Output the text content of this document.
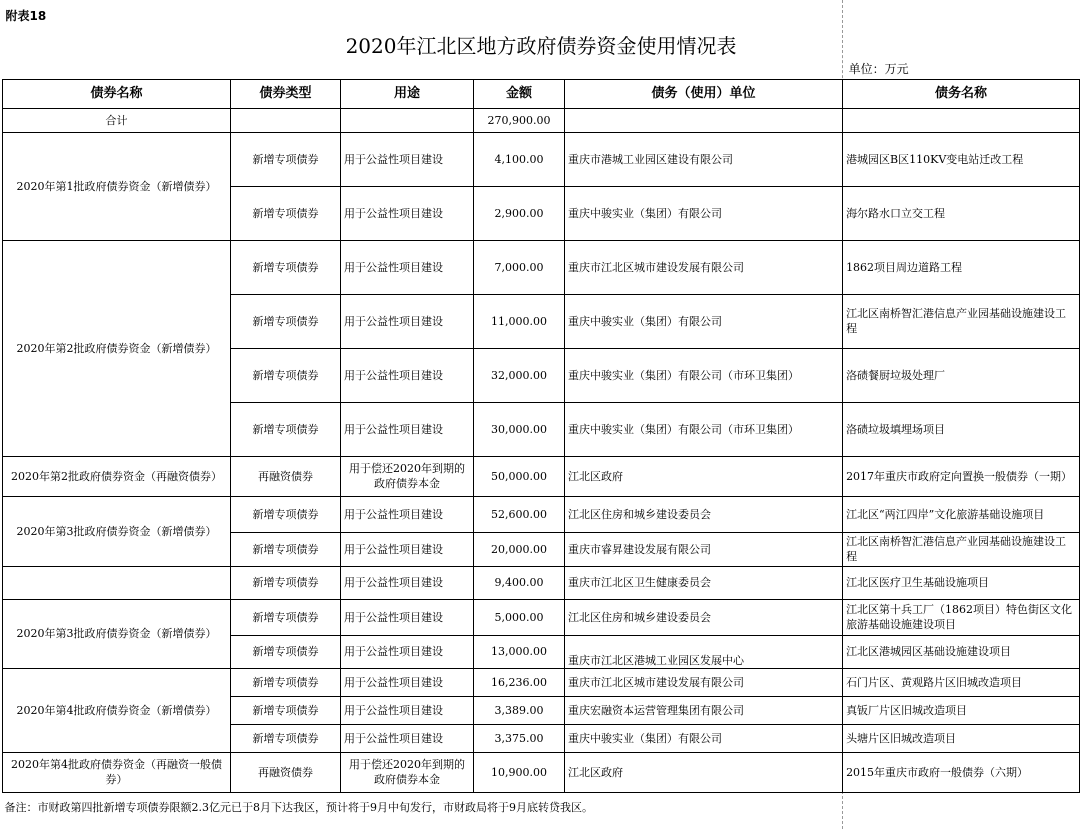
附表18					
2020年江北区地方政府债券资金使用情况表					
					单位：万元
债券名称	债券类型	用途	金额	债务（使用）单位	债务名称
合计			270,900.00		
2020年第1批政府债券资金（新增债券）	新增专项债券	用于公益性项目建设	4,100.00	重庆市港城工业园区建设有限公司	港城园区B区110KV变电站迁改工程
	新增专项债券	用于公益性项目建设	2,900.00	重庆中骏实业（集团）有限公司	海尔路水口立交工程
2020年第2批政府债券资金（新增债券）	新增专项债券	用于公益性项目建设	7,000.00	重庆市江北区城市建设发展有限公司	1862项目周边道路工程
	新增专项债券	用于公益性项目建设	11,000.00	重庆中骏实业（集团）有限公司	江北区南桥智汇港信息产业园基础设施建设工程
	新增专项债券	用于公益性项目建设	32,000.00	重庆中骏实业（集团）有限公司（市环卫集团）	洛碛餐厨垃圾处理厂
	新增专项债券	用于公益性项目建设	30,000.00	重庆中骏实业（集团）有限公司（市环卫集团）	洛碛垃圾填埋场项目
2020年第2批政府债券资金（再融资债券）	再融资债券	用于偿还2020年到期的政府债券本金	50,000.00	江北区政府	2017年重庆市政府定向置换一般债券（一期）
2020年第3批政府债券资金（新增债券）	新增专项债券	用于公益性项目建设	52,600.00	江北区住房和城乡建设委员会	江北区“两江四岸”文化旅游基础设施项目
	新增专项债券	用于公益性项目建设	20,000.00	重庆市睿昇建设发展有限公司	江北区南桥智汇港信息产业园基础设施建设工程
	新增专项债券	用于公益性项目建设	9,400.00	重庆市江北区卫生健康委员会	江北区医疗卫生基础设施项目
2020年第3批政府债券资金（新增债券）	新增专项债券	用于公益性项目建设	5,000.00	江北区住房和城乡建设委员会	江北区第十兵工厂（1862项目）特色街区文化旅游基础设施建设项目
	新增专项债券	用于公益性项目建设	13,000.00	重庆市江北区港城工业园区发展中心	江北区港城园区基础设施建设项目
2020年第4批政府债券资金（新增债券）	新增专项债券	用于公益性项目建设	16,236.00	重庆市江北区城市建设发展有限公司	石门片区、黄观路片区旧城改造项目
	新增专项债券	用于公益性项目建设	3,389.00	重庆宏融资本运营管理集团有限公司	真钣厂片区旧城改造项目
	新增专项债券	用于公益性项目建设	3,375.00	重庆中骏实业（集团）有限公司	头塘片区旧城改造项目
2020年第4批政府债券资金（再融资一般债券）	再融资债券	用于偿还2020年到期的政府债券本金	10,900.00	江北区政府	2015年重庆市政府一般债券（六期）
备注：市财政第四批新增专项债券限额2.3亿元已于8月下达我区，预计将于9月中旬发行，市财政局将于9月底转贷我区。					
